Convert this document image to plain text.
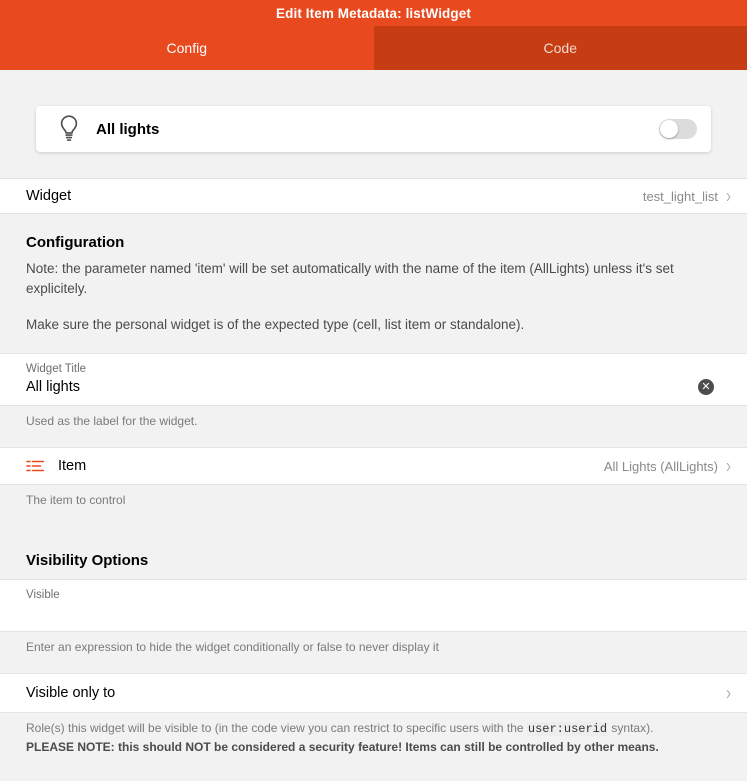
Edit Item Metadata: listWidget
Config	Code
All lights
Widget	test_light_list ›
Configuration
Note: the parameter named 'item' will be set automatically with the name of the item (AllLights) unless it's set explicitely.
Make sure the personal widget is of the expected type (cell, list item or standalone).
Widget Title
All lights
✕
Used as the label for the widget.
Item	All Lights (AllLights) ›
The item to control
Visibility Options
Visible
Enter an expression to hide the widget conditionally or false to never display it
Visible only to	›
Role(s) this widget will be visible to (in the code view you can restrict to specific users with the user:userid syntax).
PLEASE NOTE: this should NOT be considered a security feature! Items can still be controlled by other means.
